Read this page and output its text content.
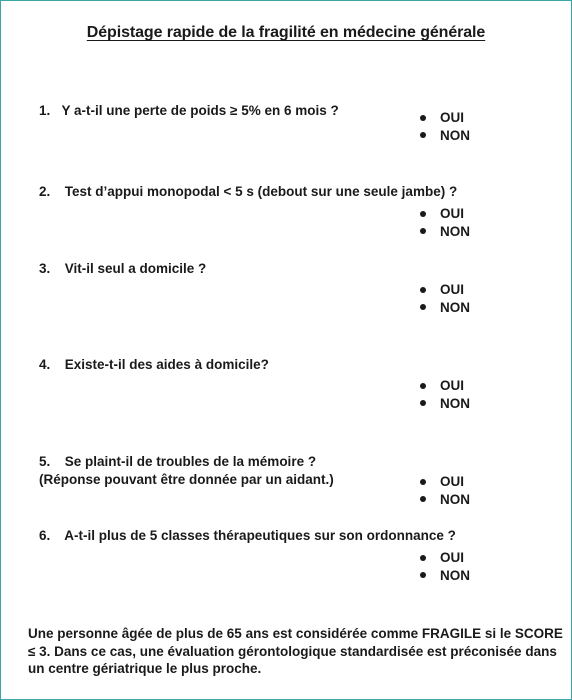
Dépistage rapide de la fragilité en médecine générale
1. Y a-t-il une perte de poids ≥ 5% en 6 mois ?	OUI
NON
2. Test d’appui monopodal < 5 s (debout sur une seule jambe) ?
OUI
NON
3. Vit-il seul a domicile ?
OUI
NON
4. Existe-t-il des aides à domicile?
OUI
NON
5. Se plaint-il de troubles de la mémoire ?
(Réponse pouvant être donnée par un aidant.)	OUI
NON
6. A-t-il plus de 5 classes thérapeutiques sur son ordonnance ?
OUI
NON
Une personne âgée de plus de 65 ans est considérée comme FRAGILE si le SCORE ≤ 3. Dans ce cas, une évaluation gérontologique standardisée est préconisée dans un centre gériatrique le plus proche.
